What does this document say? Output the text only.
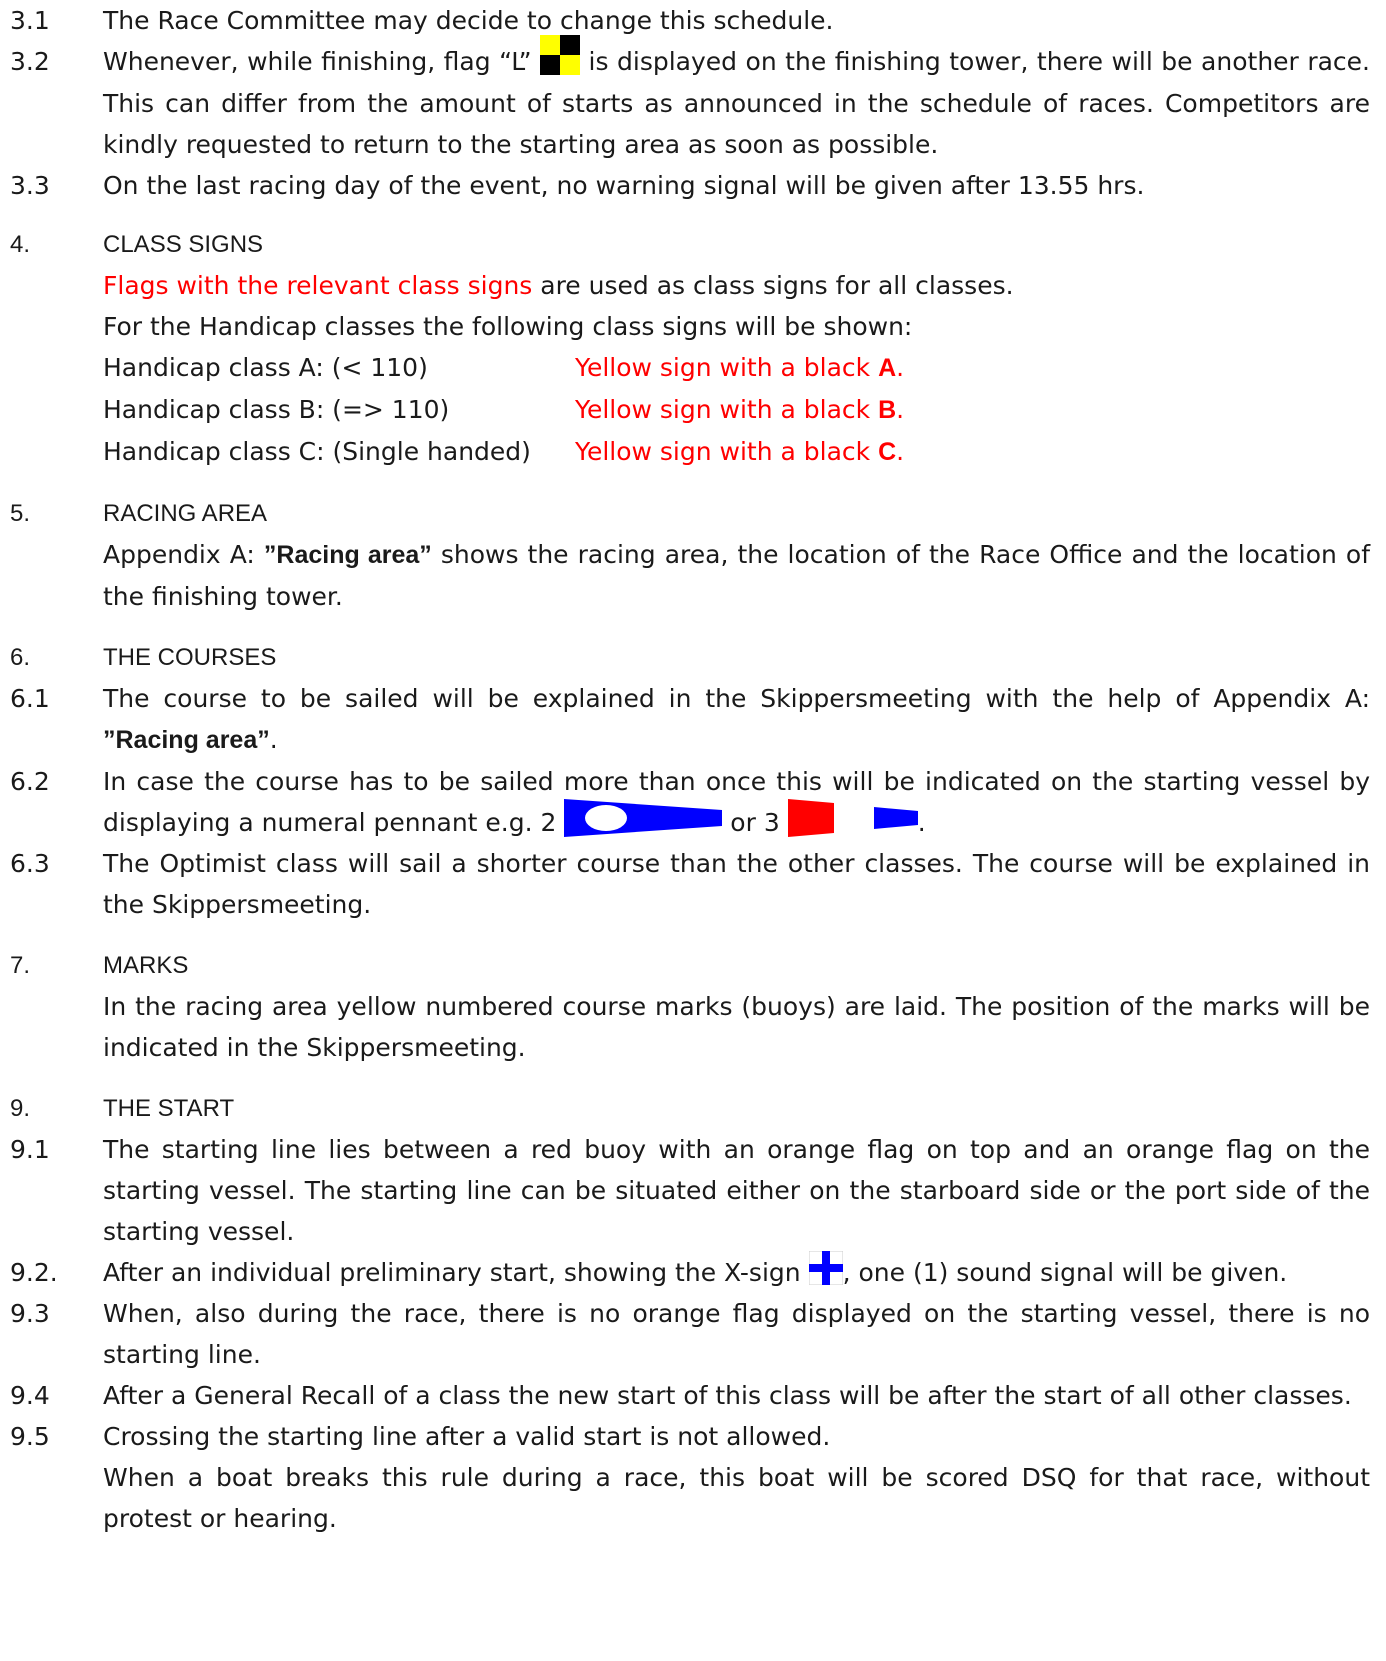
3.1	The Race Committee may decide to change this schedule.
3.2	Whenever, while finishing, flag “L”  is displayed on the finishing tower, there will be another race. This can differ from the amount of starts as announced in the schedule of races. Competitors are kindly requested to return to the starting area as soon as possible.
3.3	On the last racing day of the event, no warning signal will be given after 13.55 hrs.
4.	CLASS SIGNS
Flags with the relevant class signs are used as class signs for all classes.
For the Handicap classes the following class signs will be shown:
Handicap class A: (< 110)	Yellow sign with a black A.
Handicap class B: (=> 110)	Yellow sign with a black B.
Handicap class C: (Single handed)	Yellow sign with a black C.
5.	RACING AREA
Appendix A: ”Racing area” shows the racing area, the location of the Race Office and the location of the finishing tower.
6.	THE COURSES
6.1	The course to be sailed will be explained in the Skippersmeeting with the help of Appendix A: ”Racing area”.
6.2	In case the course has to be sailed more than once this will be indicated on the starting vessel by displaying a numeral pennant e.g. 2	or 3	.
6.3	The Optimist class will sail a shorter course than the other classes. The course will be explained in the Skippersmeeting.
7.	MARKS
In the racing area yellow numbered course marks (buoys) are laid. The position of the marks will be indicated in the Skippersmeeting.
9.	THE START
9.1	The starting line lies between a red buoy with an orange flag on top and an orange flag on the starting vessel. The starting line can be situated either on the starboard side or the port side of the starting vessel.
9.2.	After an individual preliminary start, showing the X-sign , one (1) sound signal will be given.
9.3	When, also during the race, there is no orange flag displayed on the starting vessel, there is no starting line.
9.4	After a General Recall of a class the new start of this class will be after the start of all other classes.
9.5	Crossing the starting line after a valid start is not allowed.
When a boat breaks this rule during a race, this boat will be scored DSQ for that race, without protest or hearing.
